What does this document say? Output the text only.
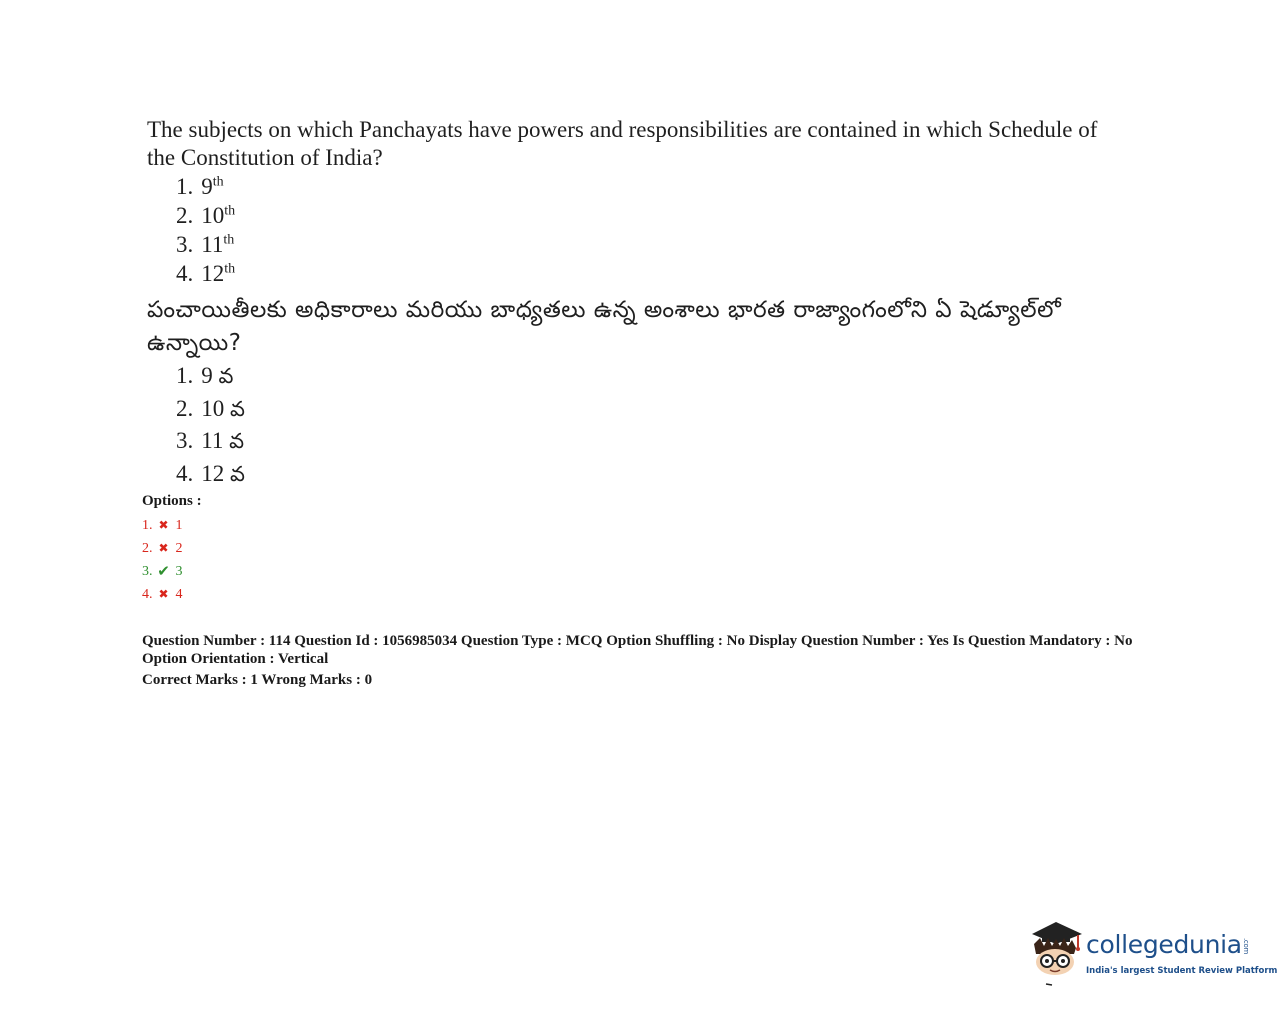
The subjects on which Panchayats have powers and responsibilities are contained in which Schedule of the Constitution of India?

1. 9th
2. 10th
3. 11th
4. 12th

పంచాయితీలకు అధికారాలు మరియు బాధ్యతలు ఉన్న అంశాలు భారత రాజ్యాంగంలోని ఏ షెడ్యూల్‌లో ఉన్నాయి?

1. 9 వ
2. 10 వ
3. 11 వ
4. 12 వ

Options :

1. ✖ 1
2. ✖ 2
3. ✔ 3
4. ✖ 4

Question Number : 114 Question Id : 1056985034 Question Type : MCQ Option Shuffling : No Display Question Number : Yes Is Question Mandatory : No Option Orientation : Vertical

Correct Marks : 1 Wrong Marks : 0

collegedunia.com
India's largest Student Review Platform
